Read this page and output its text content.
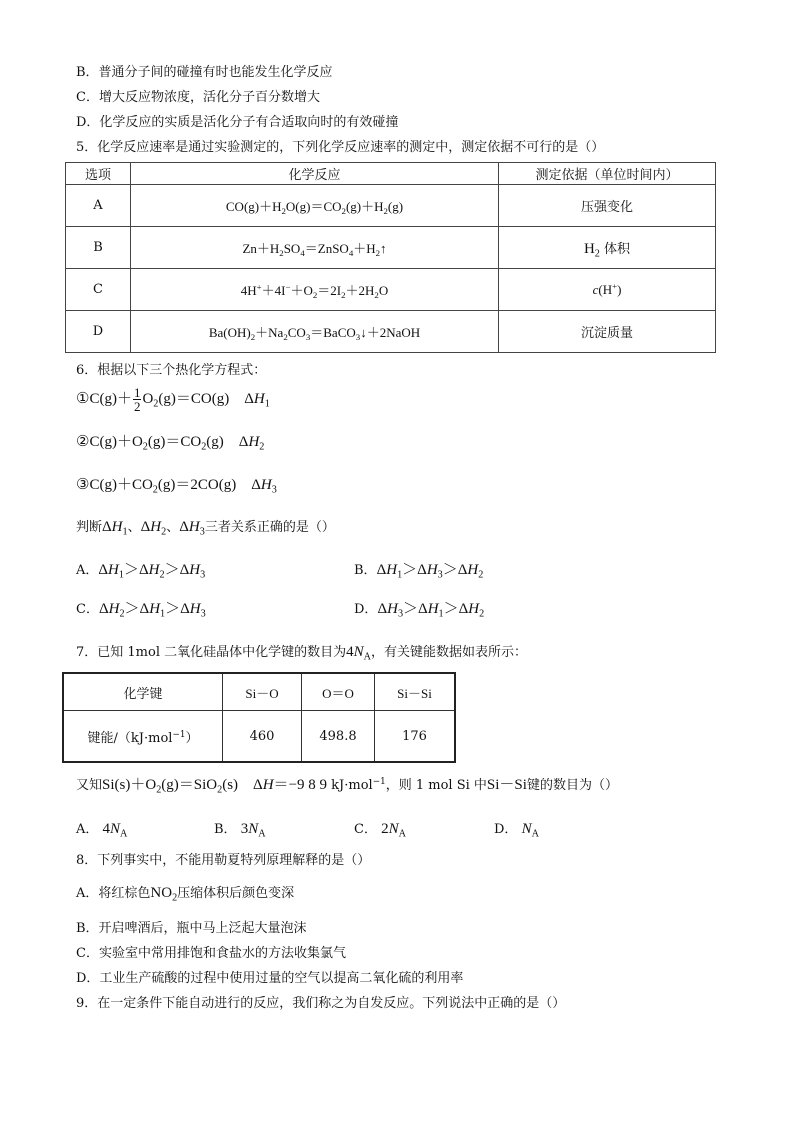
B．普通分子间的碰撞有时也能发生化学反应
C．增大反应物浓度，活化分子百分数增大
D．化学反应的实质是活化分子有合适取向时的有效碰撞
5．化学反应速率是通过实验测定的，下列化学反应速率的测定中，测定依据不可行的是（）
选项	化学反应	测定依据（单位时间内）
A	$CO(g)+H_2O(g)=CO_2(g)+H_2(g)$	压强变化
B	$Zn+H_2SO_4=ZnSO_4+H_2↑$	$H_2$ 体积
C	$4H^++4I^-+O_2=2I_2+2H_2O$	c(H+)
D	$Ba(OH)_2+Na_2CO_3=BaCO_3↓+2NaOH$	沉淀质量
6．根据以下三个热化学方程式：
①C(g)＋ $\frac{1}{2} O_2(g)=CO(g)$    $\Delta H_1$
$②C(g)+O_2(g)=CO_2(g)$    $\Delta H_2$
$③C(g)+CO_2(g)=2CO(g)$    $\Delta H_3$
判断$\Delta H_1$、$\Delta H_2$、$\Delta H_3$三者关系正确的是（）
A．$\Delta H_1>\Delta H_2>\Delta H_3$	B．$\Delta H_1>\Delta H_3>\Delta H_2$
C．$\Delta H_2>\Delta H_1>\Delta H_3$	D．$\Delta H_3>\Delta H_1>\Delta H_2$
7．已知 1mol 二氧化硅晶体中化学键的数目为$4N_A$，有关键能数据如表所示：
化学键	Si－O	O＝O	Si－Si
键能/（kJ·mol$^{-1}$）	460	498.8	176
又知$Si(s)+O_2(g)=SiO_2(s)$    ΔH＝−9 8 9 kJ·mol$^{-1}$，则 1 mol Si 中Si－Si键的数目为（）
A． $4N_A$	B． $3N_A$	C． $2N_A$	D． $N_A$
8．下列事实中，不能用勒夏特列原理解释的是（）
A．将红棕色$NO_2$压缩体积后颜色变深
B．开启啤酒后，瓶中马上泛起大量泡沫
C．实验室中常用排饱和食盐水的方法收集氯气
D．工业生产硫酸的过程中使用过量的空气以提高二氧化硫的利用率
9．在一定条件下能自动进行的反应，我们称之为自发反应。下列说法中正确的是（）
